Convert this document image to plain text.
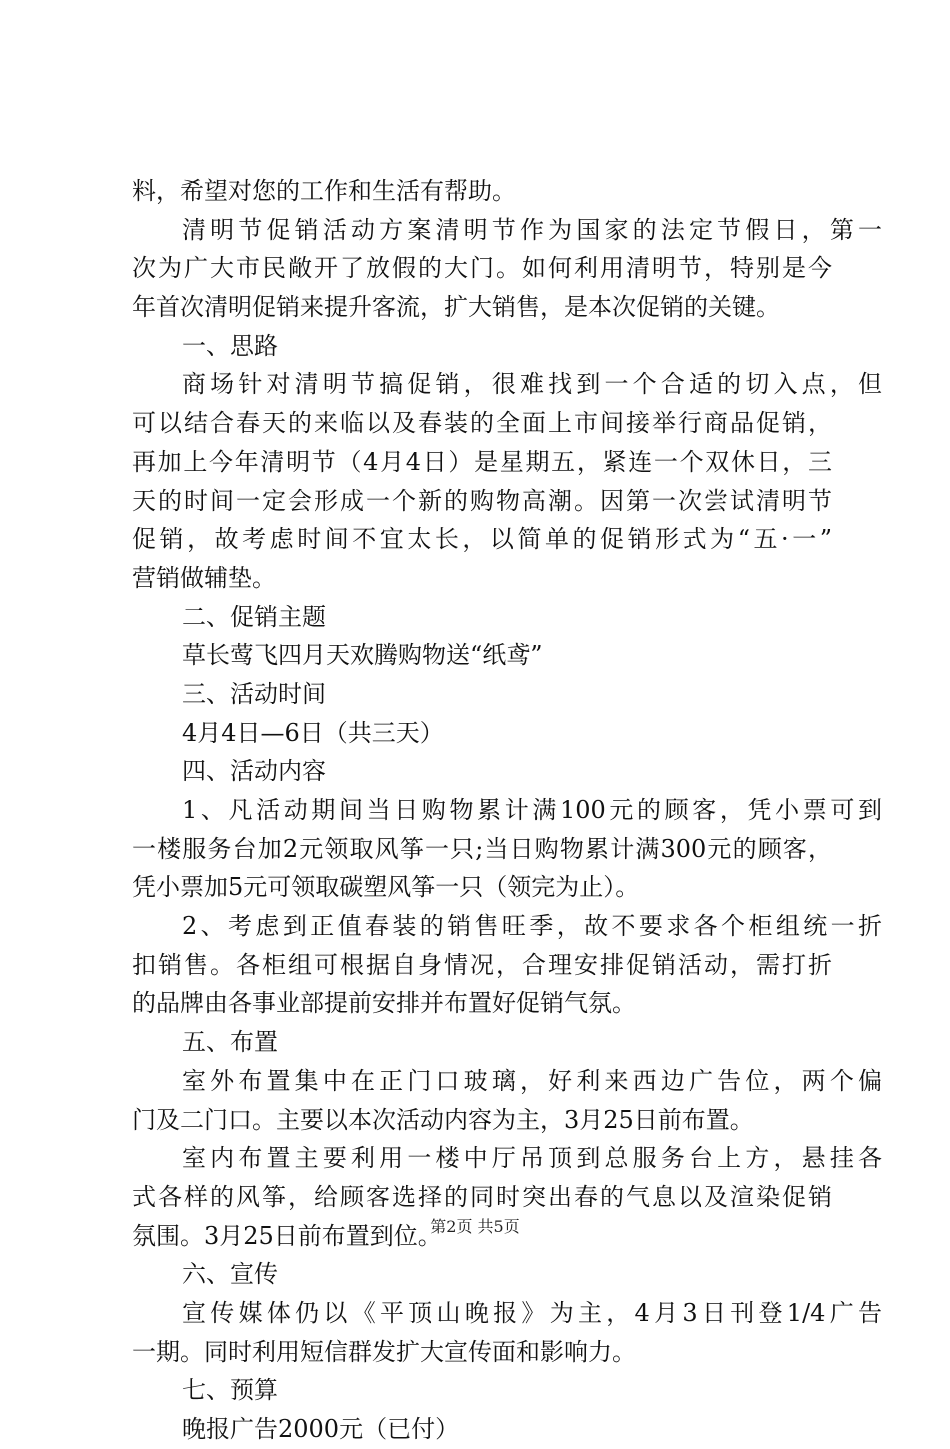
料，希望对您的工作和生活有帮助。
清明节促销活动方案清明节作为国家的法定节假日，第一
次为广大市民敞开了放假的大门。如何利用清明节，特别是今
年首次清明促销来提升客流，扩大销售，是本次促销的关键。
一、思路
商场针对清明节搞促销，很难找到一个合适的切入点，但
可以结合春天的来临以及春装的全面上市间接举行商品促销，
再加上今年清明节（4月4日）是星期五，紧连一个双休日，三
天的时间一定会形成一个新的购物高潮。因第一次尝试清明节
促销，故考虑时间不宜太长，以简单的促销形式为“五·一”
营销做辅垫。
二、促销主题
草长莺飞四月天欢腾购物送“纸鸢”
三、活动时间
4月4日—6日（共三天）
四、活动内容
1、凡活动期间当日购物累计满100元的顾客，凭小票可到
一楼服务台加2元领取风筝一只;当日购物累计满300元的顾客，
凭小票加5元可领取碳塑风筝一只（领完为止）。
2、考虑到正值春装的销售旺季，故不要求各个柜组统一折
扣销售。各柜组可根据自身情况，合理安排促销活动，需打折
的品牌由各事业部提前安排并布置好促销气氛。
五、布置
室外布置集中在正门口玻璃，好利来西边广告位，两个偏
门及二门口。主要以本次活动内容为主，3月25日前布置。
室内布置主要利用一楼中厅吊顶到总服务台上方，悬挂各
式各样的风筝，给顾客选择的同时突出春的气息以及渲染促销
氛围。3月25日前布置到位。
六、宣传
宣传媒体仍以《平顶山晚报》为主，4月3日刊登1/4广告
一期。同时利用短信群发扩大宣传面和影响力。
七、预算
晚报广告2000元（已付）
第2页 共5页
